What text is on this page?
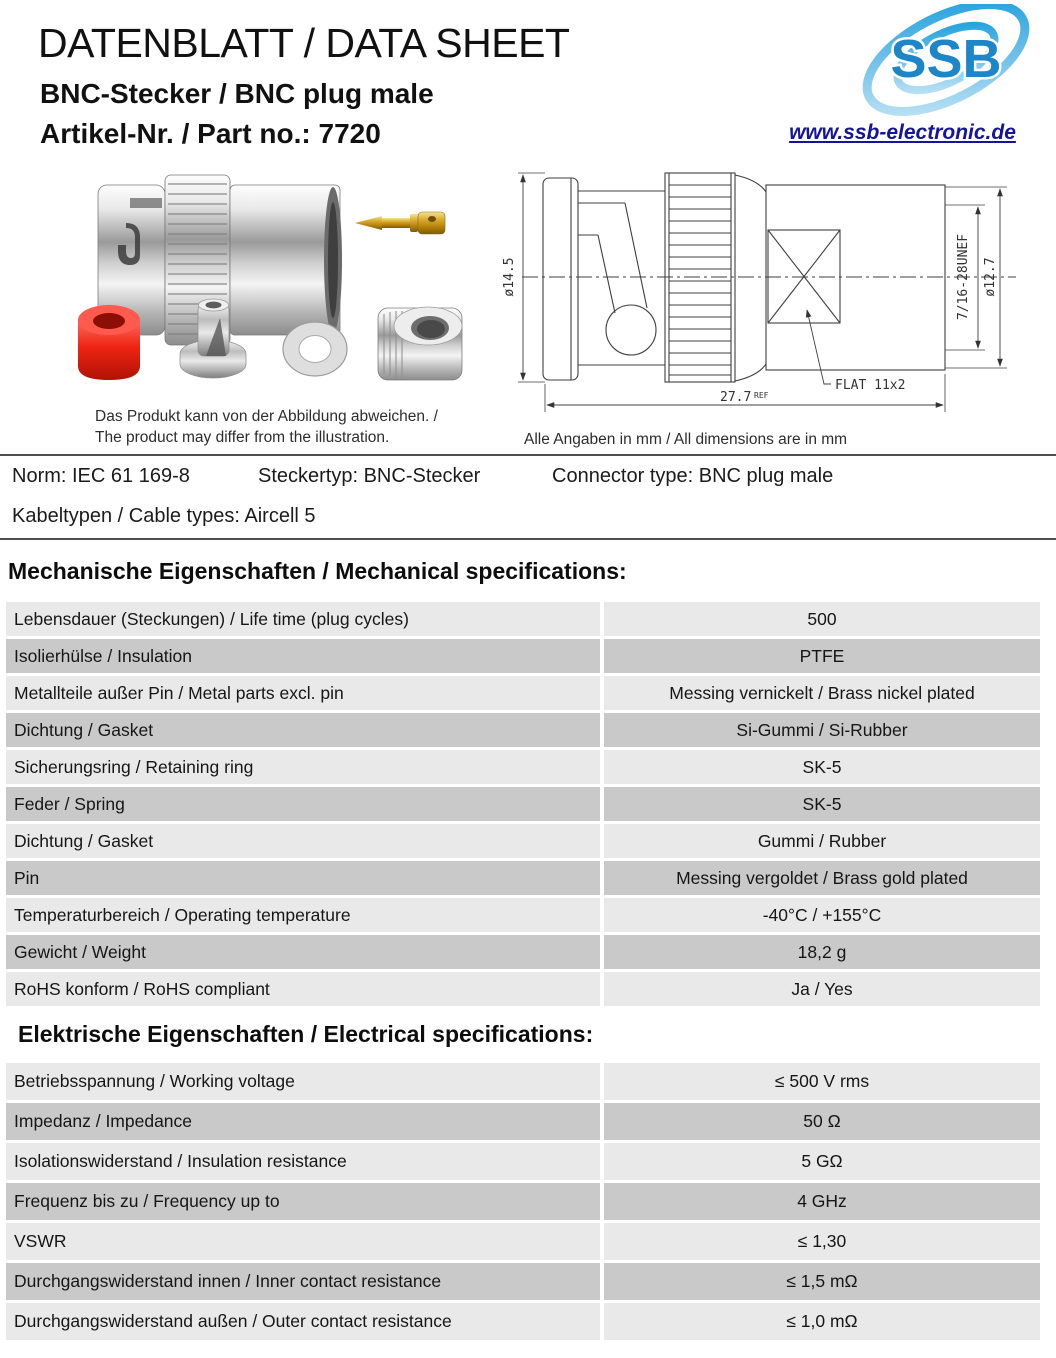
DATENBLATT / DATA SHEET
BNC-Stecker / BNC plug male
Artikel-Nr. / Part no.: 7720
SSB
www.ssb-electronic.de
Das Produkt kann von der Abbildung abweichen. /
The product may differ from the illustration.
ø14.5	7/16-28UNEF ø12.7
27.7 REF
FLAT 11x2
Alle Angaben in mm / All dimensions are in mm
Norm: IEC 61 169-8	Steckertyp: BNC-Stecker	Connector type: BNC plug male
Kabeltypen / Cable types: Aircell 5
Mechanische Eigenschaften / Mechanical specifications:
Lebensdauer (Steckungen) / Life time (plug cycles)	500
Isolierhülse / Insulation	PTFE
Metallteile außer Pin / Metal parts excl. pin	Messing vernickelt / Brass nickel plated
Dichtung / Gasket	Si-Gummi / Si-Rubber
Sicherungsring / Retaining ring	SK-5
Feder / Spring	SK-5
Dichtung / Gasket	Gummi / Rubber
Pin	Messing vergoldet / Brass gold plated
Temperaturbereich / Operating temperature	-40°C / +155°C
Gewicht / Weight	18,2 g
RoHS konform / RoHS compliant	Ja / Yes
Elektrische Eigenschaften / Electrical specifications:
Betriebsspannung / Working voltage	≤ 500 V rms
Impedanz / Impedance	50 Ω
Isolationswiderstand / Insulation resistance	5 GΩ
Frequenz bis zu / Frequency up to	4 GHz
VSWR	≤ 1,30
Durchgangswiderstand innen / Inner contact resistance	≤ 1,5 mΩ
Durchgangswiderstand außen / Outer contact resistance	≤ 1,0 mΩ
